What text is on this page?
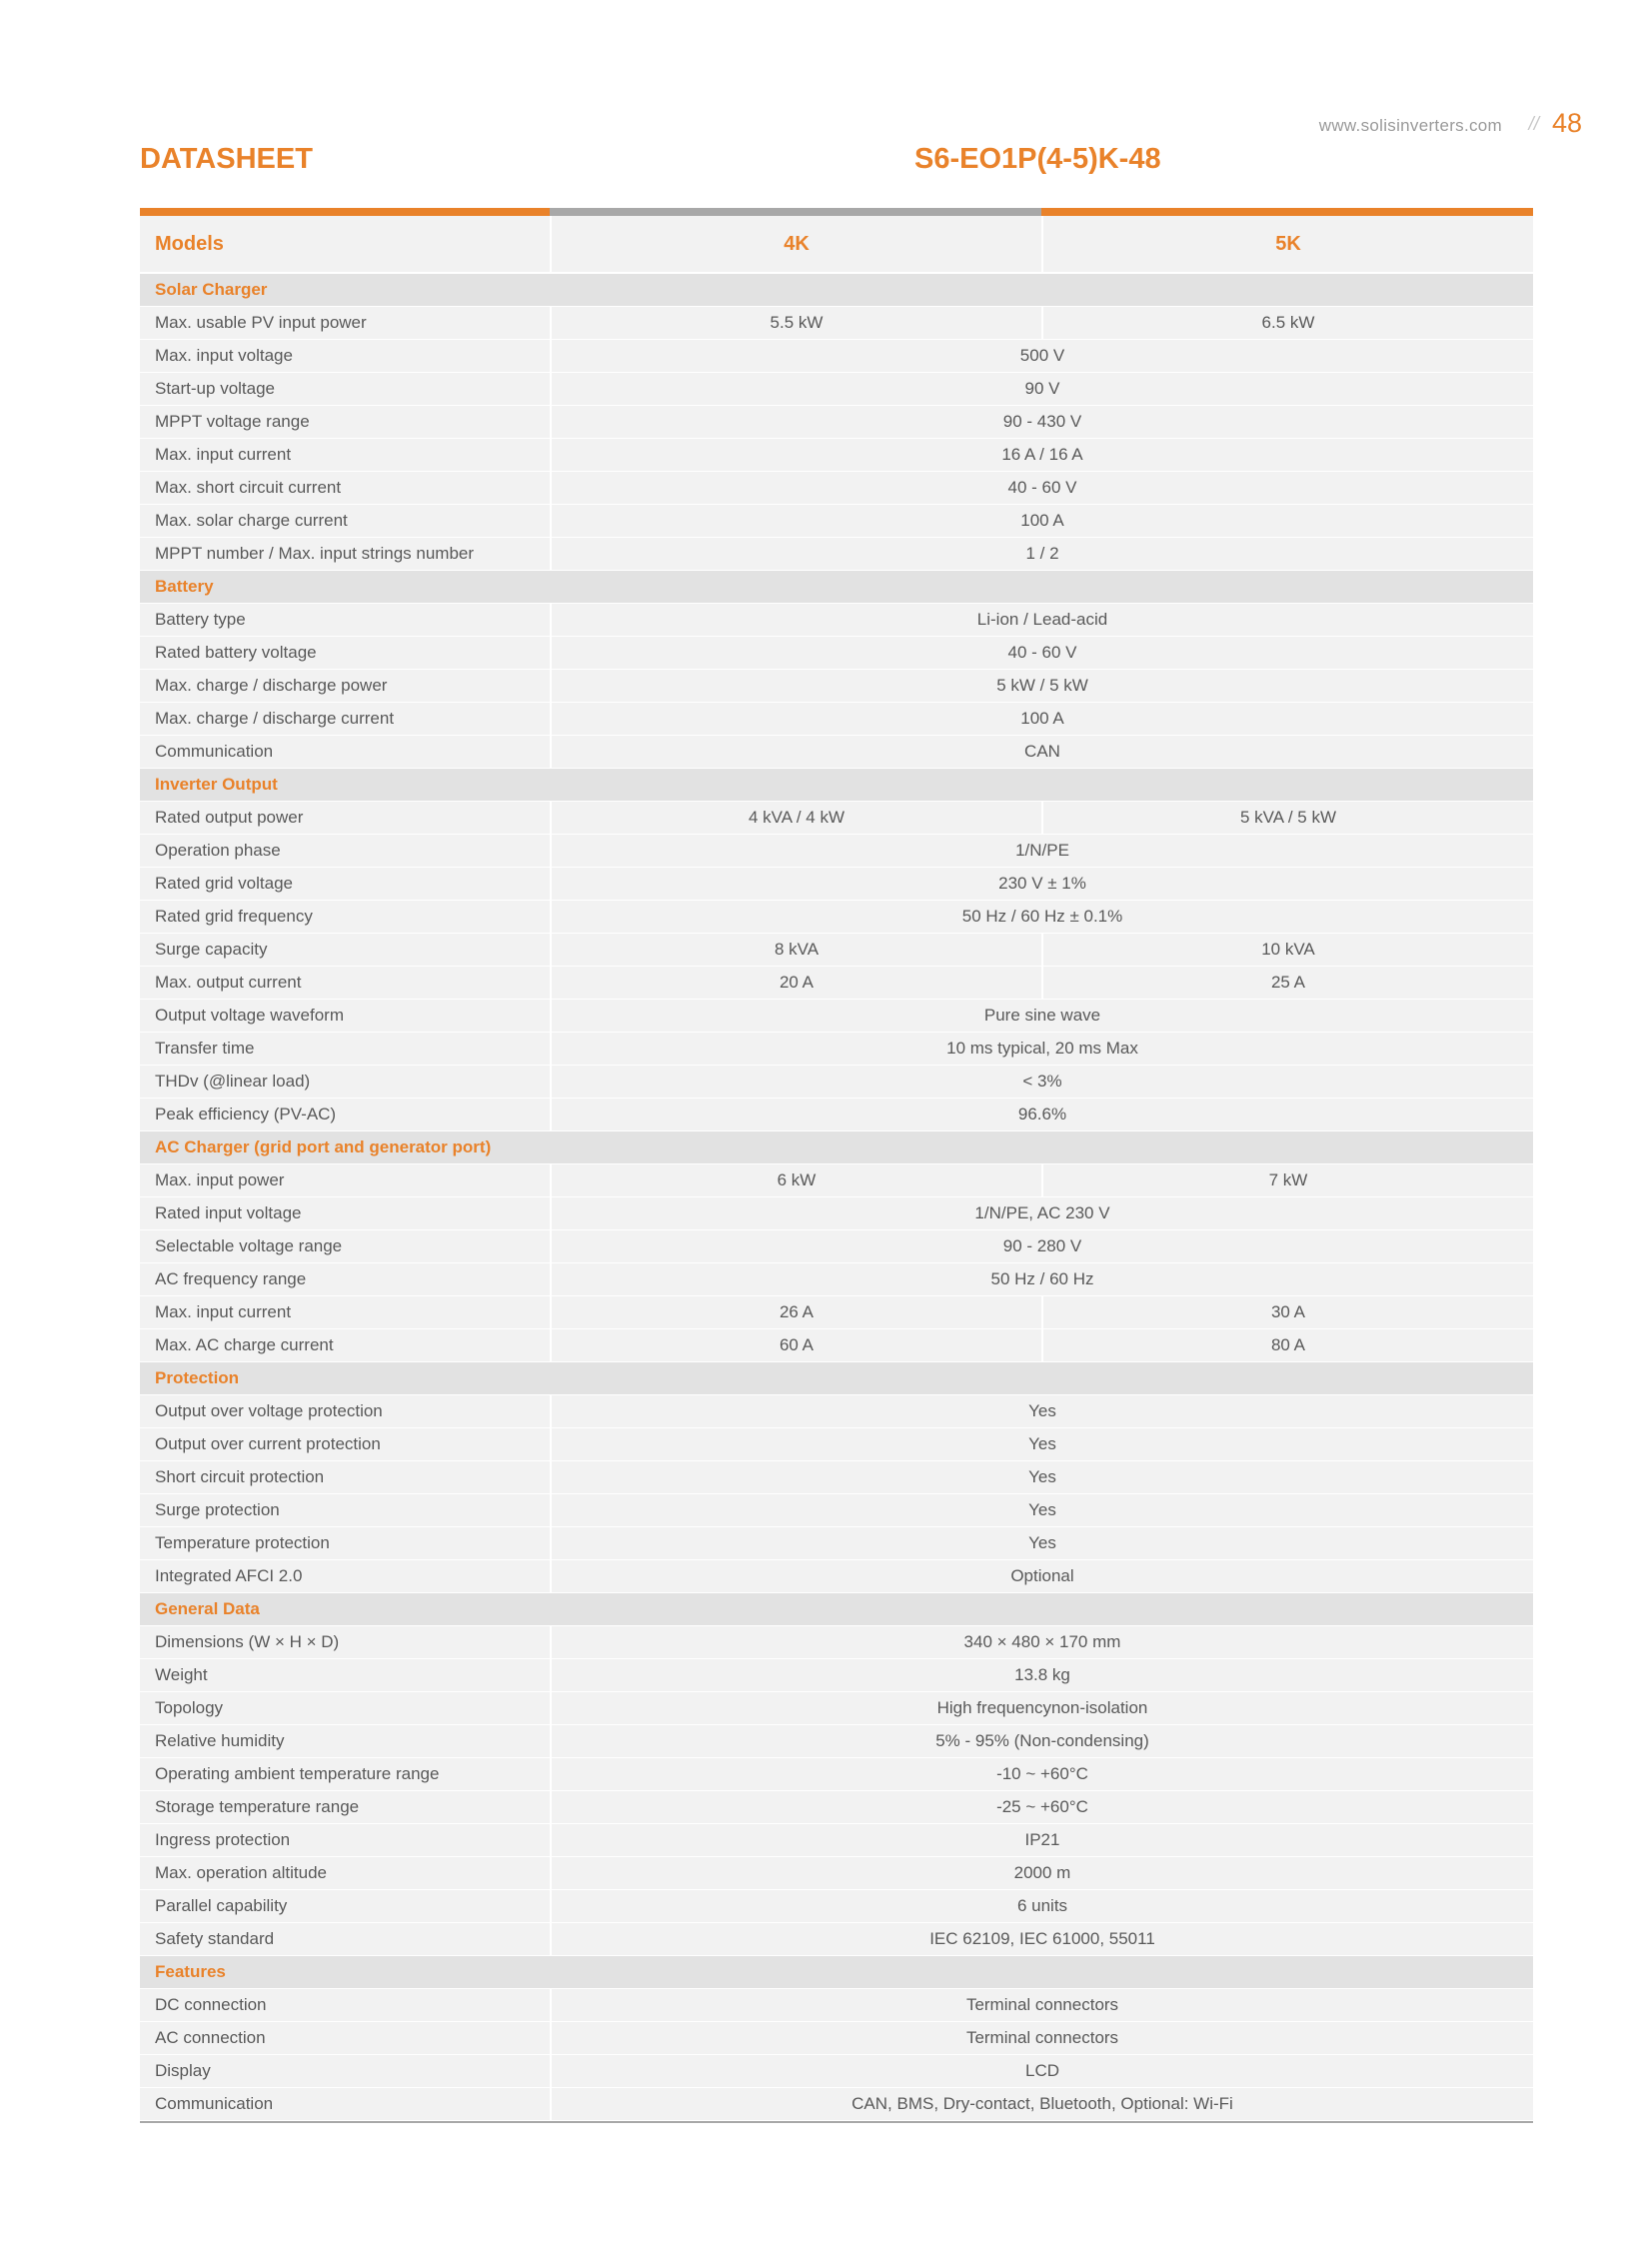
www.solisinverters.com // 48
DATASHEET	S6-EO1P(4-5)K-48
Models	4K	5K
Solar Charger
Max. usable PV input power	5.5 kW	6.5 kW
Max. input voltage	500 V
Start-up voltage	90 V
MPPT voltage range	90 - 430 V
Max. input current	16 A / 16 A
Max. short circuit current	40 - 60 V
Max. solar charge current	100 A
MPPT number / Max. input strings number	1 / 2
Battery
Battery type	Li-ion / Lead-acid
Rated battery voltage	40 - 60 V
Max. charge / discharge power	5 kW / 5 kW
Max. charge / discharge current	100 A
Communication	CAN
Inverter Output
Rated output power	4 kVA / 4 kW	5 kVA / 5 kW
Operation phase	1/N/PE
Rated grid voltage	230 V ± 1%
Rated grid frequency	50 Hz / 60 Hz ± 0.1%
Surge capacity	8 kVA	10 kVA
Max. output current	20 A	25 A
Output voltage waveform	Pure sine wave
Transfer time	10 ms typical, 20 ms Max
THDv (@linear load)	< 3%
Peak efficiency (PV-AC)	96.6%
AC Charger (grid port and generator port)
Max. input power	6 kW	7 kW
Rated input voltage	1/N/PE, AC 230 V
Selectable voltage range	90 - 280 V
AC frequency range	50 Hz / 60 Hz
Max. input current	26 A	30 A
Max. AC charge current	60 A	80 A
Protection
Output over voltage protection	Yes
Output over current protection	Yes
Short circuit protection	Yes
Surge protection	Yes
Temperature protection	Yes
Integrated AFCI 2.0	Optional
General Data
Dimensions (W × H × D)	340 × 480 × 170 mm
Weight	13.8 kg
Topology	High frequencynon-isolation
Relative humidity	5% - 95% (Non-condensing)
Operating ambient temperature range	-10 ~ +60°C
Storage temperature range	-25 ~ +60°C
Ingress protection	IP21
Max. operation altitude	2000 m
Parallel capability	6 units
Safety standard	IEC 62109, IEC 61000, 55011
Features
DC connection	Terminal connectors
AC connection	Terminal connectors
Display	LCD
Communication	CAN, BMS, Dry-contact, Bluetooth, Optional: Wi-Fi
